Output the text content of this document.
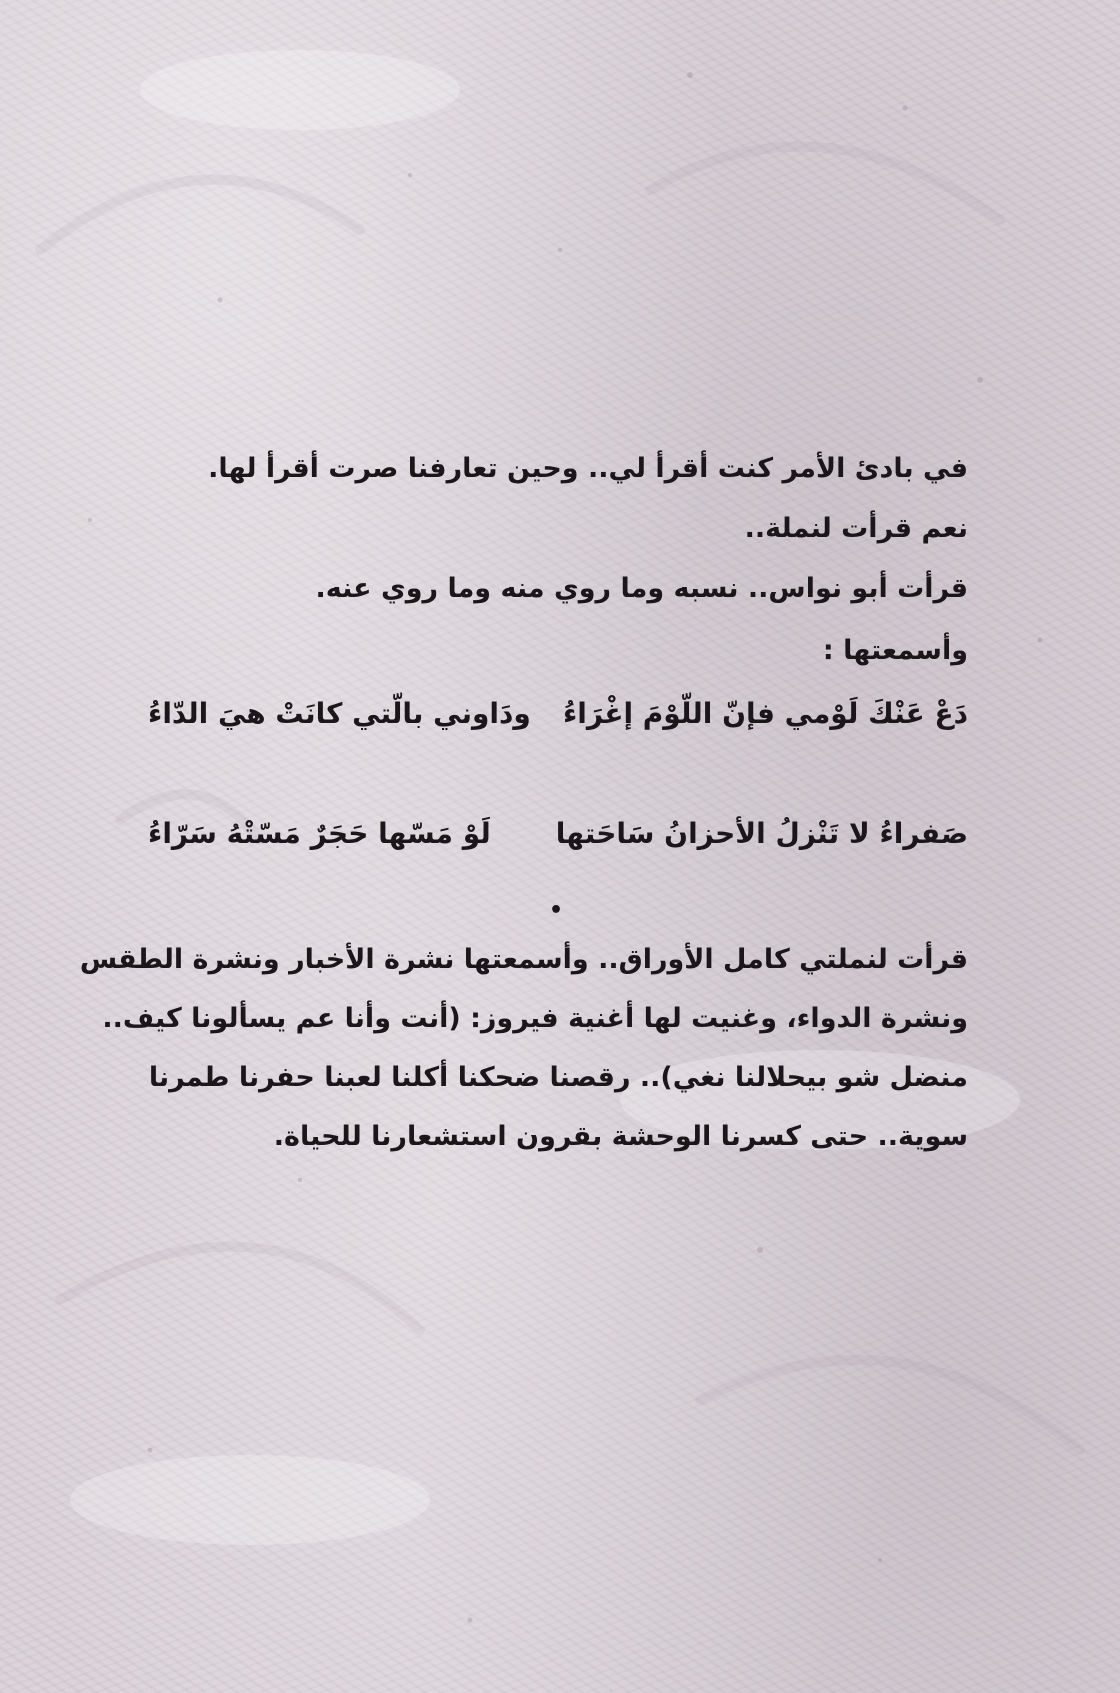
في بادئ الأمر كنت أقرأ لي.. وحين تعارفنا صرت أقرأ لها.
نعم قرأت لنملة..
قرأت أبو نواس.. نسبه وما روي منه وما روي عنه.
وأسمعتها :
دَعْ عَنْكَ لَوْمي فإنّ اللّوْمَ إغْرَاءُ
ودَاوني بالّتي كانَتْ هيَ الدّاءُ
صَفراءُ لا تَنْزلُ الأحزانُ سَاحَتها
لَوْ مَسّها حَجَرٌ مَسّتْهُ سَرّاءُ
•
قرأت لنملتي كامل الأوراق.. وأسمعتها نشرة الأخبار ونشرة الطقس
ونشرة الدواء، وغنيت لها أغنية فيروز: (أنت وأنا عم يسألونا كيف..
منضل شو بيحلالنا نغي).. رقصنا ضحكنا أكلنا لعبنا حفرنا طمرنا
سوية.. حتى كسرنا الوحشة بقرون استشعارنا للحياة.
